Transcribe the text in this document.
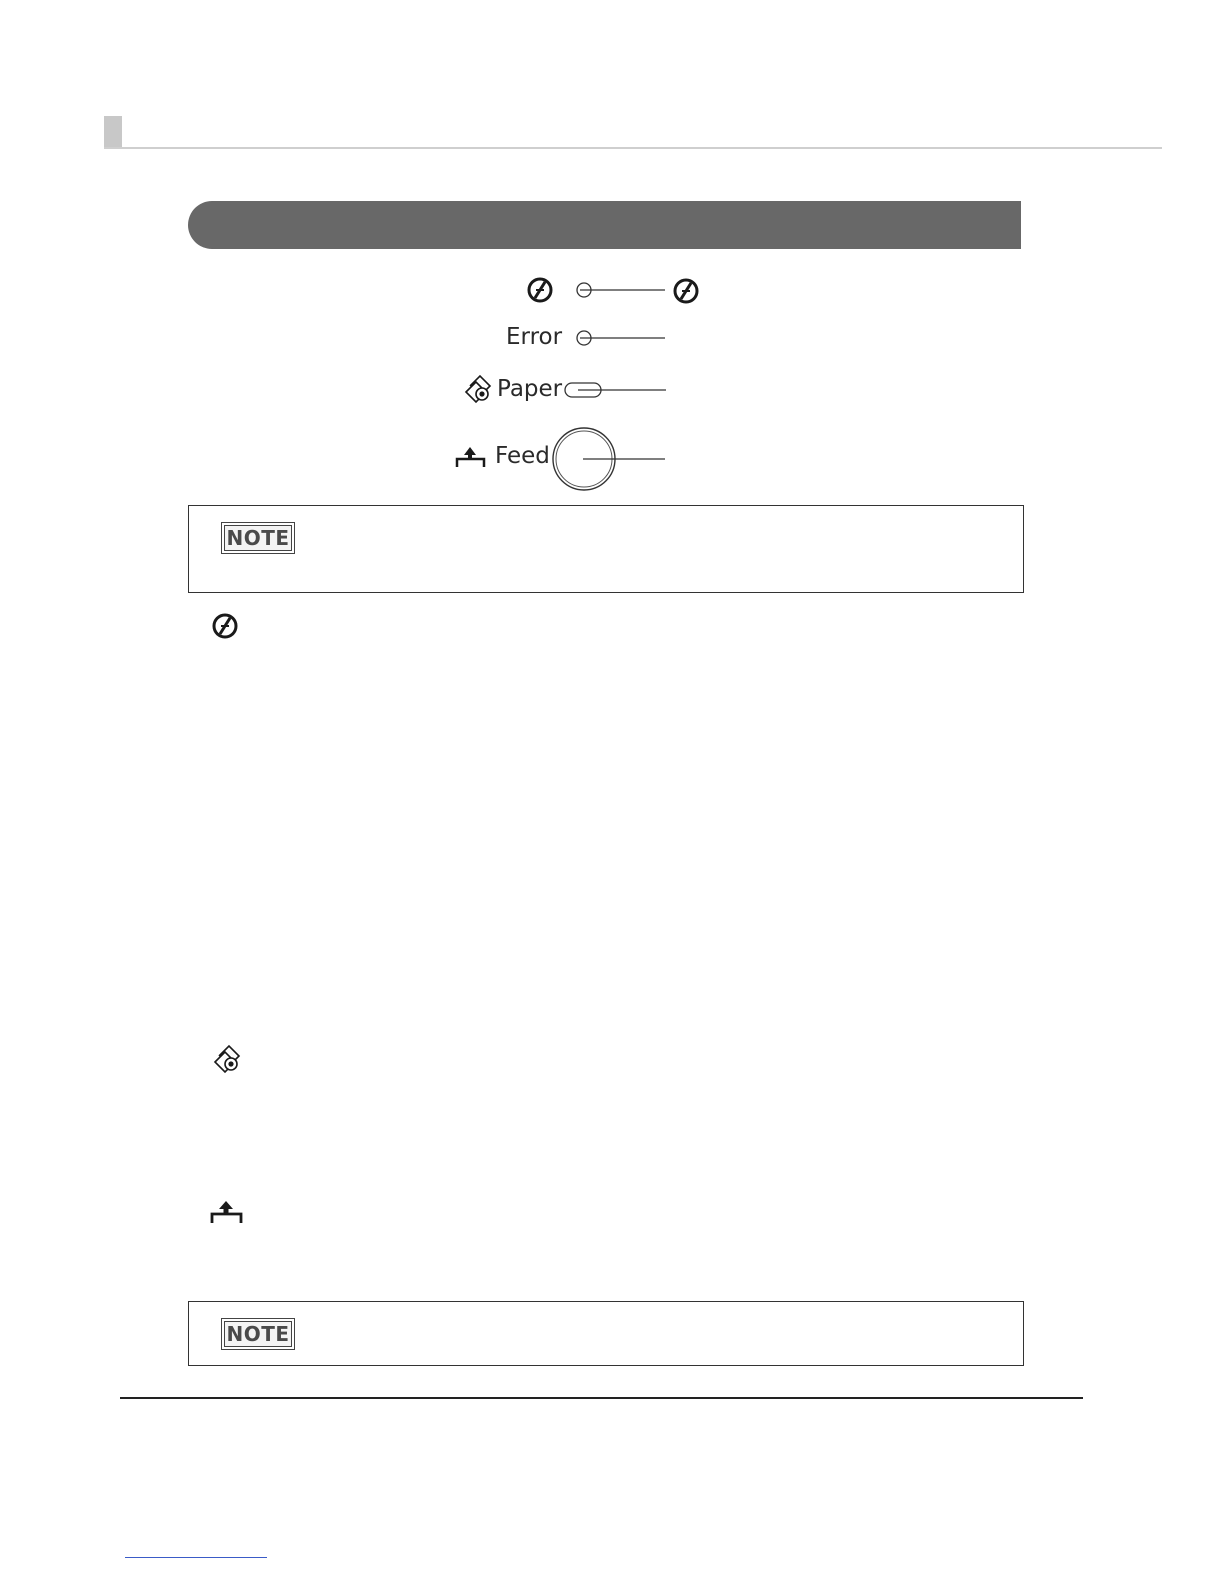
Error
Paper
Feed
NOTE
NOTE
